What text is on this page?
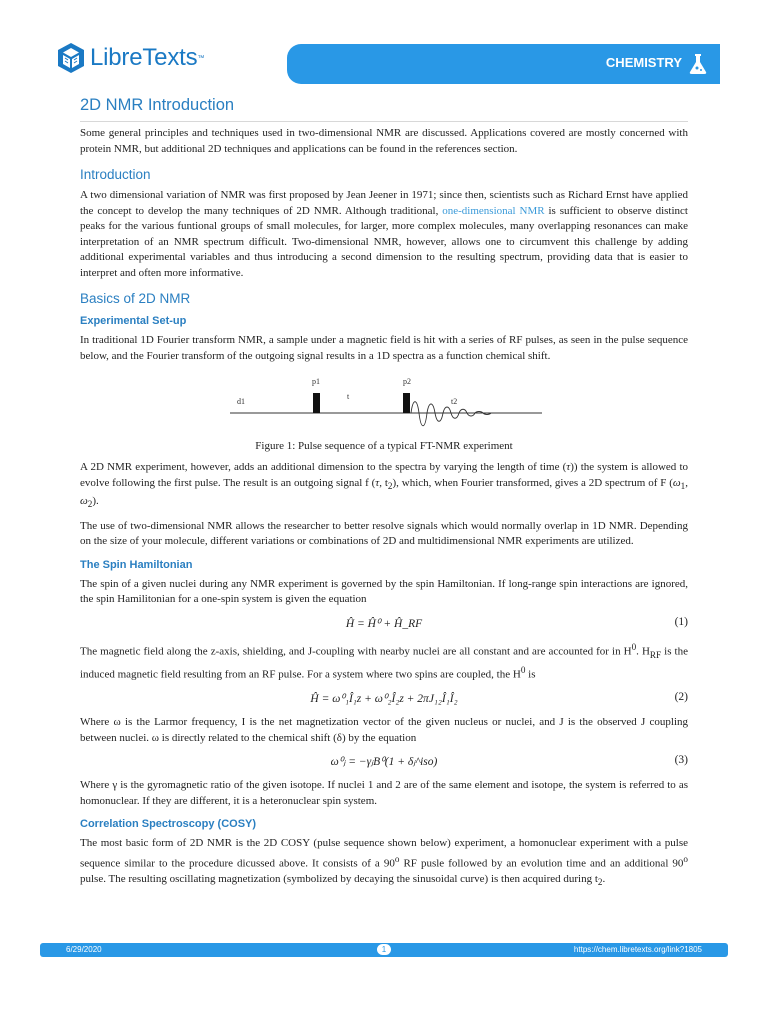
LibreTexts ™	CHEMISTRY
2D NMR Introduction

Some general principles and techniques used in two-dimensional NMR are discussed. Applications covered are mostly concerned with protein NMR, but additional 2D techniques and applications can be found in the references section.

Introduction

A two dimensional variation of NMR was first proposed by Jean Jeener in 1971; since then, scientists such as Richard Ernst have applied the concept to develop the many techniques of 2D NMR. Although traditional, one-dimensional NMR is sufficient to observe distinct peaks for the various funtional groups of small molecules, for larger, more complex molecules, many overlapping resonances can make interpretation of an NMR spectrum difficult. Two-dimensional NMR, however, allows one to circumvent this challenge by adding additional experimental variables and thus introducing a second dimension to the resulting spectrum, providing data that is easier to interpret and often more informative.

Basics of 2D NMR
Experimental Set-up

In traditional 1D Fourier transform NMR, a sample under a magnetic field is hit with a series of RF pulses, as seen in the pulse sequence below, and the Fourier transform of the outgoing signal results in a 1D spectra as a function chemical shift.

d1
p1
t
p2
t2
Figure 1: Pulse sequence of a typical FT-NMR experiment

A 2D NMR experiment, however, adds an additional dimension to the spectra by varying the length of time (τ)) the system is allowed to evolve following the first pulse. The result is an outgoing signal f (τ, $t_2$), which, when Fourier transformed, gives a 2D spectrum of F ($\omega_1$, $\omega_2$).

The use of two-dimensional NMR allows the researcher to better resolve signals which would normally overlap in 1D NMR. Depending on the size of your molecule, different variations or combinations of 2D and multidimensional NMR experiments are utilized.

The Spin Hamiltonian

The spin of a given nuclei during any NMR experiment is governed by the spin Hamiltonian. If long-range spin interactions are ignored, the spin Hamilitonian for a one-spin system is given the equation

Ĥ = Ĥ⁰ + Ĥ_RF	(1)

The magnetic field along the z-axis, shielding, and J-coupling with nearby nuclei are all constant and are accounted for in $H^0$. $H_{RF}$ is the induced magnetic field resulting from an RF pulse. For a system where two spins are coupled, the $H^0$ is

Ĥ = ω⁰₁Î₁z + ω⁰₂Î₂z + 2πJ₁₂Î₁Î₂	(2)

Where ω is the Larmor frequency, I is the net magnetization vector of the given nucleus or nuclei, and J is the observed J coupling between nuclei. ω is directly related to the chemical shift (δ) by the equation

ω⁰ⱼ = −γⱼB⁰(1 + δⱼ^iso)	(3)

Where γ is the gyromagnetic ratio of the given isotope. If nuclei 1 and 2 are of the same element and isotope, the system is referred to as homonuclear. If they are different, it is a heteronuclear spin system.

Correlation Spectroscopy (COSY)

The most basic form of 2D NMR is the 2D COSY (pulse sequence shown below) experiment, a homonuclear experiment with a pulse sequence similar to the procedure dicussed above. It consists of a 90$^o$ RF pusle followed by an evolution time and an additional 90$^o$ pulse. The resulting oscillating magnetization (symbolized by decaying the sinusoidal curve) is then acquired during $t_2$.

6/29/2020	1	https://chem.libretexts.org/link?1805
